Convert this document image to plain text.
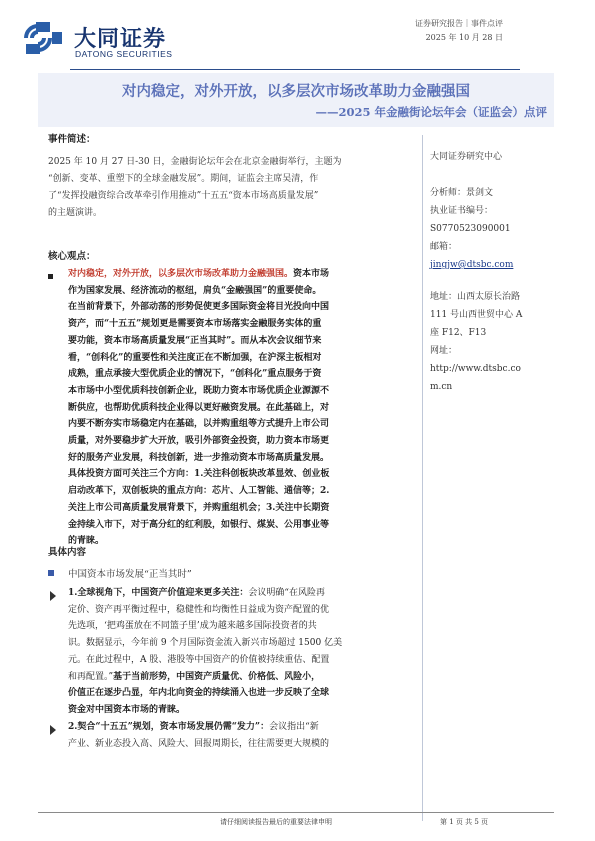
大同证券
DATONG SECURITIES
证券研究报告｜事件点评
2025 年 10 月 28 日
对内稳定，对外开放，以多层次市场改革助力金融强国
——2025 年金融街论坛年会（证监会）点评
事件简述：
2025 年 10 月 27 日-30 日，金融街论坛年会在北京金融街举行，主题为
“创新、变革、重塑下的全球金融发展”。期间，证监会主席吴清，作
了“发挥投融资综合改革牵引作用推动”十五五“资本市场高质量发展”
的主题演讲。
核心观点：
对内稳定，对外开放，以多层次市场改革助力金融强国。资本市场
作为国家发展、经济流动的枢纽，肩负“金融强国”的重要使命。
在当前背景下，外部动荡的形势促使更多国际资金将目光投向中国
资产，而“十五五”规划更是需要资本市场落实金融服务实体的重
要功能，资本市场高质量发展“正当其时”。而从本次会议细节来
看，“创科化”的重要性和关注度正在不断加强，在沪深主板相对
成熟，重点承接大型优质企业的情况下，“创科化”重点服务于资
本市场中小型优质科技创新企业，既助力资本市场优质企业源源不
断供应，也帮助优质科技企业得以更好融资发展。在此基础上，对
内要不断夯实市场稳定内在基础，以并购重组等方式提升上市公司
质量，对外要稳步扩大开放，吸引外部资金投资，助力资本市场更
好的服务产业发展，科技创新，进一步推动资本市场高质量发展。
具体投资方面可关注三个方向：1.关注科创板块改革显效、创业板
启动改革下，双创板块的重点方向：芯片、人工智能、通信等；2.
关注上市公司高质量发展背景下，并购重组机会；3.关注中长期资
金持续入市下，对于高分红的红利股，如银行、煤炭、公用事业等
的青睐。
具体内容
中国资本市场发展“正当其时”
1.全球视角下，中国资产价值迎来更多关注：会议明确“在风险再
定价、资产再平衡过程中，稳健性和均衡性日益成为资产配置的优
先选项，‘把鸡蛋放在不同篮子里’成为越来越多国际投资者的共
识。数据显示，今年前 9 个月国际资金流入新兴市场超过 1500 亿美
元。在此过程中，A 股、港股等中国资产的价值被持续重估、配置
和再配置。”基于当前形势，中国资产质量优、价格低、风险小，
价值正在逐步凸显，年内北向资金的持续涌入也进一步反映了全球
资金对中国资本市场的青睐。
2.契合“十五五”规划，资本市场发展仍需“发力”：会议指出“新
产业、新业态投入高、风险大、回报周期长，往往需要更大规模的
大同证券研究中心
分析师：景剑文
执业证书编号：
S0770523090001
邮箱：
jingjw@dtsbc.com
地址：山西太原长治路
111 号山西世贸中心 A
座 F12、F13
网址：
http://www.dtsbc.co
m.cn
请仔细阅读报告最后的重要法律申明	第 1 页 共 5 页
